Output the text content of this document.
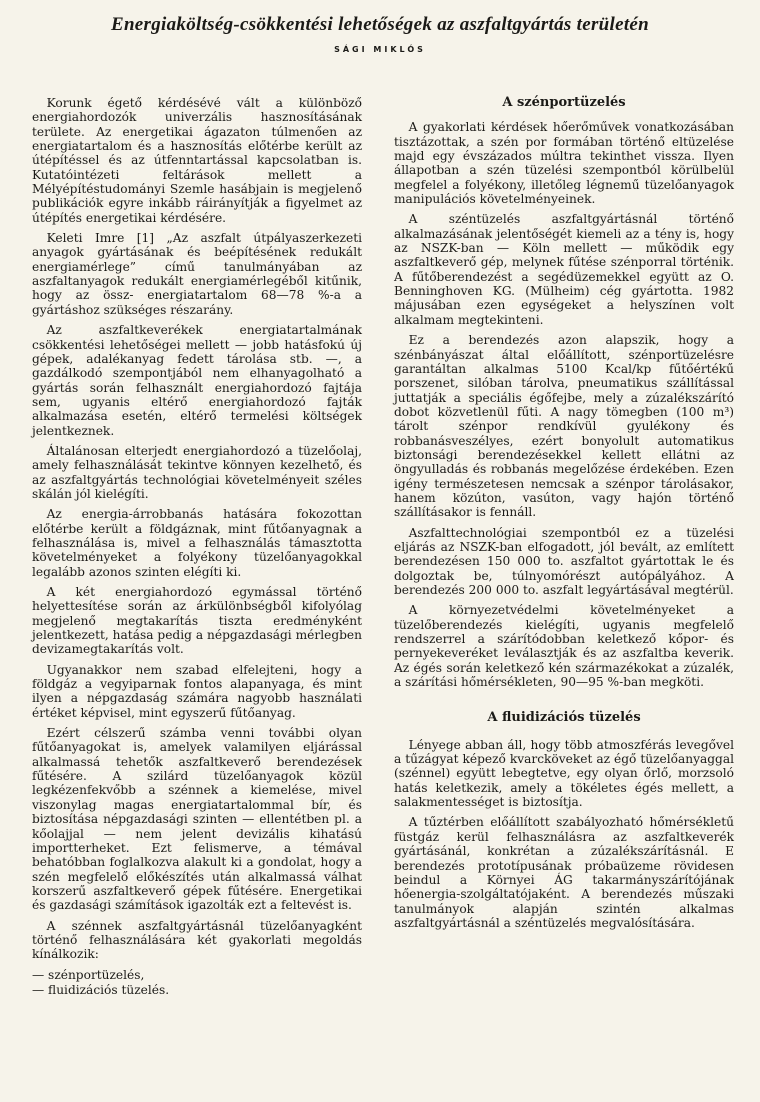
Energiaköltség-csökkentési lehetőségek az aszfaltgyártás területén
SÁGI MIKLÓS

Korunk égető kérdésévé vált a különböző energiahordozók univerzális hasznosításának területe. Az energetikai ágazaton túlmenően az energiatartalom és a hasznosítás előtérbe került az útépítéssel és az útfenntartással kapcsolatban is. Kutatóintézeti feltárások mellett a Mélyépítéstudományi Szemle hasábjain is megjelenő publikációk egyre inkább ráirányítják a figyelmet az útépítés energetikai kérdésére.

Keleti Imre [1] „Az aszfalt útpályaszerkezeti anyagok gyártásának és beépítésének redukált energiamérlege” című tanulmányában az aszfaltanyagok redukált energiamérlegéből kitűnik, hogy az össz- energiatartalom 68—78 %-a a gyártáshoz szükséges részarány.

Az aszfaltkeverékek energiatartalmának csökkentési lehetőségei mellett — jobb hatásfokú új gépek, adalékanyag fedett tárolása stb. —, a gazdálkodó szempontjából nem elhanyagolható a gyártás során felhasznált energiahordozó fajtája sem, ugyanis eltérő energiahordozó fajták alkalmazása esetén, eltérő termelési költségek jelentkeznek.

Általánosan elterjedt energiahordozó a tüzelőolaj, amely felhasználását tekintve könnyen kezelhető, és az aszfaltgyártás technológiai követelményeit széles skálán jól kielégíti.

Az energia-árrobbanás hatására fokozottan előtérbe került a földgáznak, mint fűtőanyagnak a felhasználása is, mivel a felhasználás támasztotta követelményeket a folyékony tüzelőanyagokkal legalább azonos szinten elégíti ki.

A két energiahordozó egymással történő helyettesítése során az árkülönbségből kifolyólag megjelenő megtakarítás tiszta eredményként jelentkezett, hatása pedig a népgazdasági mérlegben devizamegtakarítás volt.

Ugyanakkor nem szabad elfelejteni, hogy a földgáz a vegyiparnak fontos alapanyaga, és mint ilyen a népgazdaság számára nagyobb használati értéket képvisel, mint egyszerű fűtőanyag.

Ezért célszerű számba venni további olyan fűtőanyagokat is, amelyek valamilyen eljárással alkalmassá tehetők aszfaltkeverő berendezések fűtésére. A szilárd tüzelőanyagok közül legkézenfekvőbb a szénnek a kiemelése, mivel viszonylag magas energiatartalommal bír, és biztosítása népgazdasági szinten — ellentétben pl. a kőolajjal — nem jelent devizális kihatású importterheket. Ezt felismerve, a témával behatóbban foglalkozva alakult ki a gondolat, hogy a szén megfelelő előkészítés után alkalmassá válhat korszerű aszfaltkeverő gépek fűtésére. Energetikai és gazdasági számítások igazolták ezt a feltevést is.

A szénnek aszfaltgyártásnál tüzelőanyagként történő felhasználására két gyakorlati megoldás kínálkozik:

— szénportüzelés,

— fluidizációs tüzelés.

A szénportüzelés

A gyakorlati kérdések hőerőművek vonatkozásában tisztázottak, a szén por formában történő eltüzelése majd egy évszázados múltra tekinthet vissza. Ilyen állapotban a szén tüzelési szempontból körülbelül megfelel a folyékony, illetőleg légnemű tüzelőanyagok manipulációs követelményeinek.

A széntüzelés aszfaltgyártásnál történő alkalmazásának jelentőségét kiemeli az a tény is, hogy az NSZK-ban — Köln mellett — működik egy aszfaltkeverő gép, melynek fűtése szénporral történik. A fűtőberendezést a segédüzemekkel együtt az O. Benninghoven KG. (Mülheim) cég gyártotta. 1982 májusában ezen egységeket a helyszínen volt alkalmam megtekinteni.

Ez a berendezés azon alapszik, hogy a szénbányászat által előállított, szénportüzelésre garantáltan alkalmas 5100 Kcal/kp fűtőértékű porszenet, silóban tárolva, pneumatikus szállítással juttatják a speciális égőfejbe, mely a zúzalékszárító dobot közvetlenül fűti. A nagy tömegben (100 m³) tárolt szénpor rendkívül gyulékony és robbanásveszélyes, ezért bonyolult automatikus biztonsági berendezésekkel kellett ellátni az öngyulladás és robbanás megelőzése érdekében. Ezen igény természetesen nemcsak a szénpor tárolásakor, hanem közúton, vasúton, vagy hajón történő szállításakor is fennáll.

Aszfalttechnológiai szempontból ez a tüzelési eljárás az NSZK-ban elfogadott, jól bevált, az említett berendezésen 150 000 to. aszfaltot gyártottak le és dolgoztak be, túlnyomórészt autópályához. A berendezés 200 000 to. aszfalt legyártásával megtérül.

A környezetvédelmi követelményeket a tüzelőberendezés kielégíti, ugyanis megfelelő rendszerrel a szárítódobban keletkező kőpor- és pernyekeveréket leválasztják és az aszfaltba keverik. Az égés során keletkező kén származékokat a zúzalék, a szárítási hőmérsékleten, 90—95 %-ban megköti.

A fluidizációs tüzelés

Lényege abban áll, hogy több atmoszférás levegővel a tűzágyat képező kvarcköveket az égő tüzelőanyaggal (szénnel) együtt lebegtetve, egy olyan őrlő, morzsoló hatás keletkezik, amely a tökéletes égés mellett, a salakmentességet is biztosítja.

A tűztérben előállított szabályozható hőmérsékletű füstgáz kerül felhasználásra az aszfaltkeverék gyártásánál, konkrétan a zúzalékszárításnál. E berendezés prototípusának próbaüzeme rövidesen beindul a Környei ÁG takarmányszárítójának hőenergia-szolgáltatójaként. A berendezés műszaki tanulmányok alapján szintén alkalmas aszfaltgyártásnál a széntüzelés megvalósítására.
